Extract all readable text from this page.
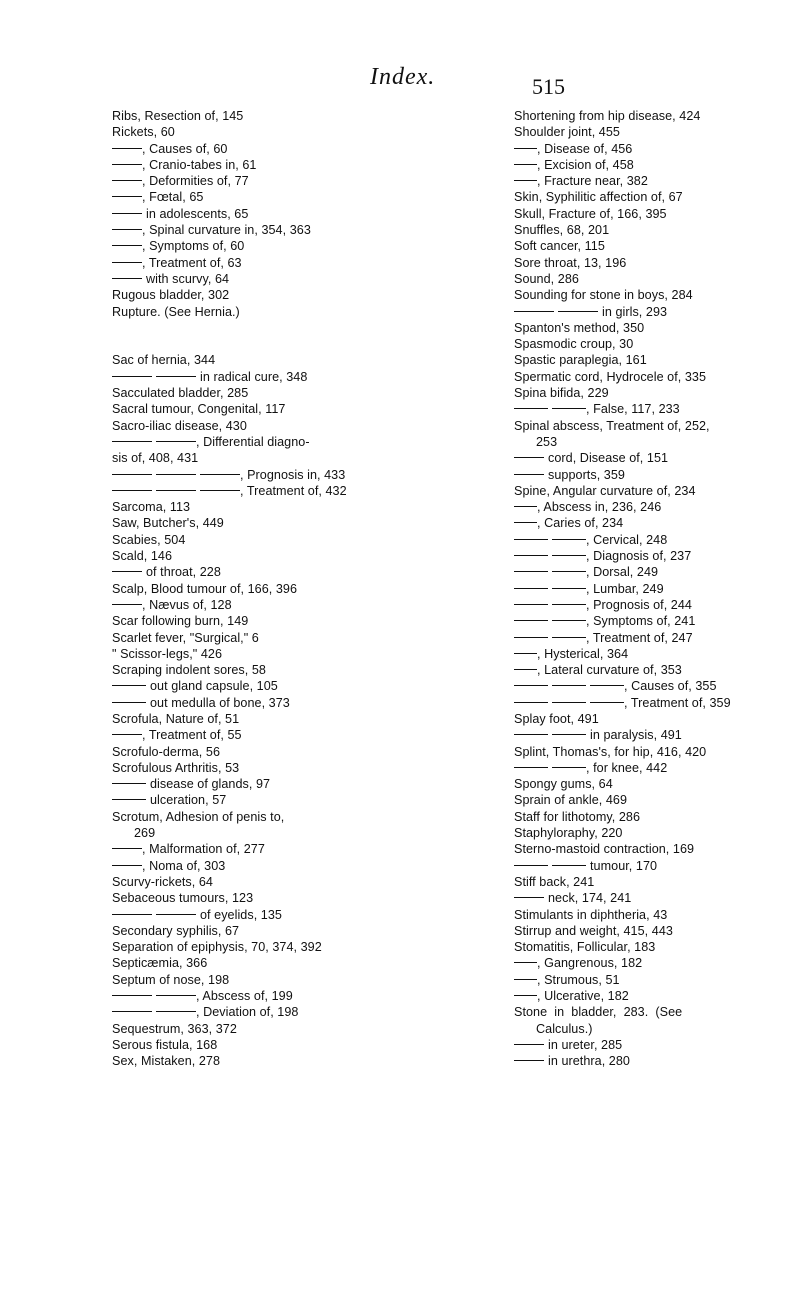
Index.	515
Ribs, Resection of, 145
Rickets, 60
, Causes of, 60
, Cranio-tabes in, 61
, Deformities of, 77
, Fœtal, 65
in adolescents, 65
, Spinal curvature in, 354, 363
, Symptoms of, 60
, Treatment of, 63
with scurvy, 64
Rugous bladder, 302
Rupture. (See Hernia.)
Sac of hernia, 344
in radical cure, 348
Sacculated bladder, 285
Sacral tumour, Congenital, 117
Sacro-iliac disease, 430
, Differential diagno-
sis of, 408, 431
, Prognosis in, 433
, Treatment of, 432
Sarcoma, 113
Saw, Butcher's, 449
Scabies, 504
Scald, 146
of throat, 228
Scalp, Blood tumour of, 166, 396
, Nævus of, 128
Scar following burn, 149
Scarlet fever, "Surgical," 6
" Scissor-legs," 426
Scraping indolent sores, 58
out gland capsule, 105
out medulla of bone, 373
Scrofula, Nature of, 51
, Treatment of, 55
Scrofulo-derma, 56
Scrofulous Arthritis, 53
disease of glands, 97
ulceration, 57
Scrotum, Adhesion of penis to,
269
, Malformation of, 277
, Noma of, 303
Scurvy-rickets, 64
Sebaceous tumours, 123
of eyelids, 135
Secondary syphilis, 67
Separation of epiphysis, 70, 374, 392
Septicæmia, 366
Septum of nose, 198
, Abscess of, 199
, Deviation of, 198
Sequestrum, 363, 372
Serous fistula, 168
Sex, Mistaken, 278
Shortening from hip disease, 424
Shoulder joint, 455
, Disease of, 456
, Excision of, 458
, Fracture near, 382
Skin, Syphilitic affection of, 67
Skull, Fracture of, 166, 395
Snuffles, 68, 201
Soft cancer, 115
Sore throat, 13, 196
Sound, 286
Sounding for stone in boys, 284
in girls, 293
Spanton's method, 350
Spasmodic croup, 30
Spastic paraplegia, 161
Spermatic cord, Hydrocele of, 335
Spina bifida, 229
, False, 117, 233
Spinal abscess, Treatment of, 252,
253
cord, Disease of, 151
supports, 359
Spine, Angular curvature of, 234
, Abscess in, 236, 246
, Caries of, 234
, Cervical, 248
, Diagnosis of, 237
, Dorsal, 249
, Lumbar, 249
, Prognosis of, 244
, Symptoms of, 241
, Treatment of, 247
, Hysterical, 364
, Lateral curvature of, 353
, Causes of, 355
, Treatment of, 359
Splay foot, 491
in paralysis, 491
Splint, Thomas's, for hip, 416, 420
, for knee, 442
Spongy gums, 64
Sprain of ankle, 469
Staff for lithotomy, 286
Staphyloraphy, 220
Sterno-mastoid contraction, 169
tumour, 170
Stiff back, 241
neck, 174, 241
Stimulants in diphtheria, 43
Stirrup and weight, 415, 443
Stomatitis, Follicular, 183
, Gangrenous, 182
, Strumous, 51
, Ulcerative, 182
Stone  in  bladder,  283.  (See
Calculus.)
in ureter, 285
in urethra, 280
